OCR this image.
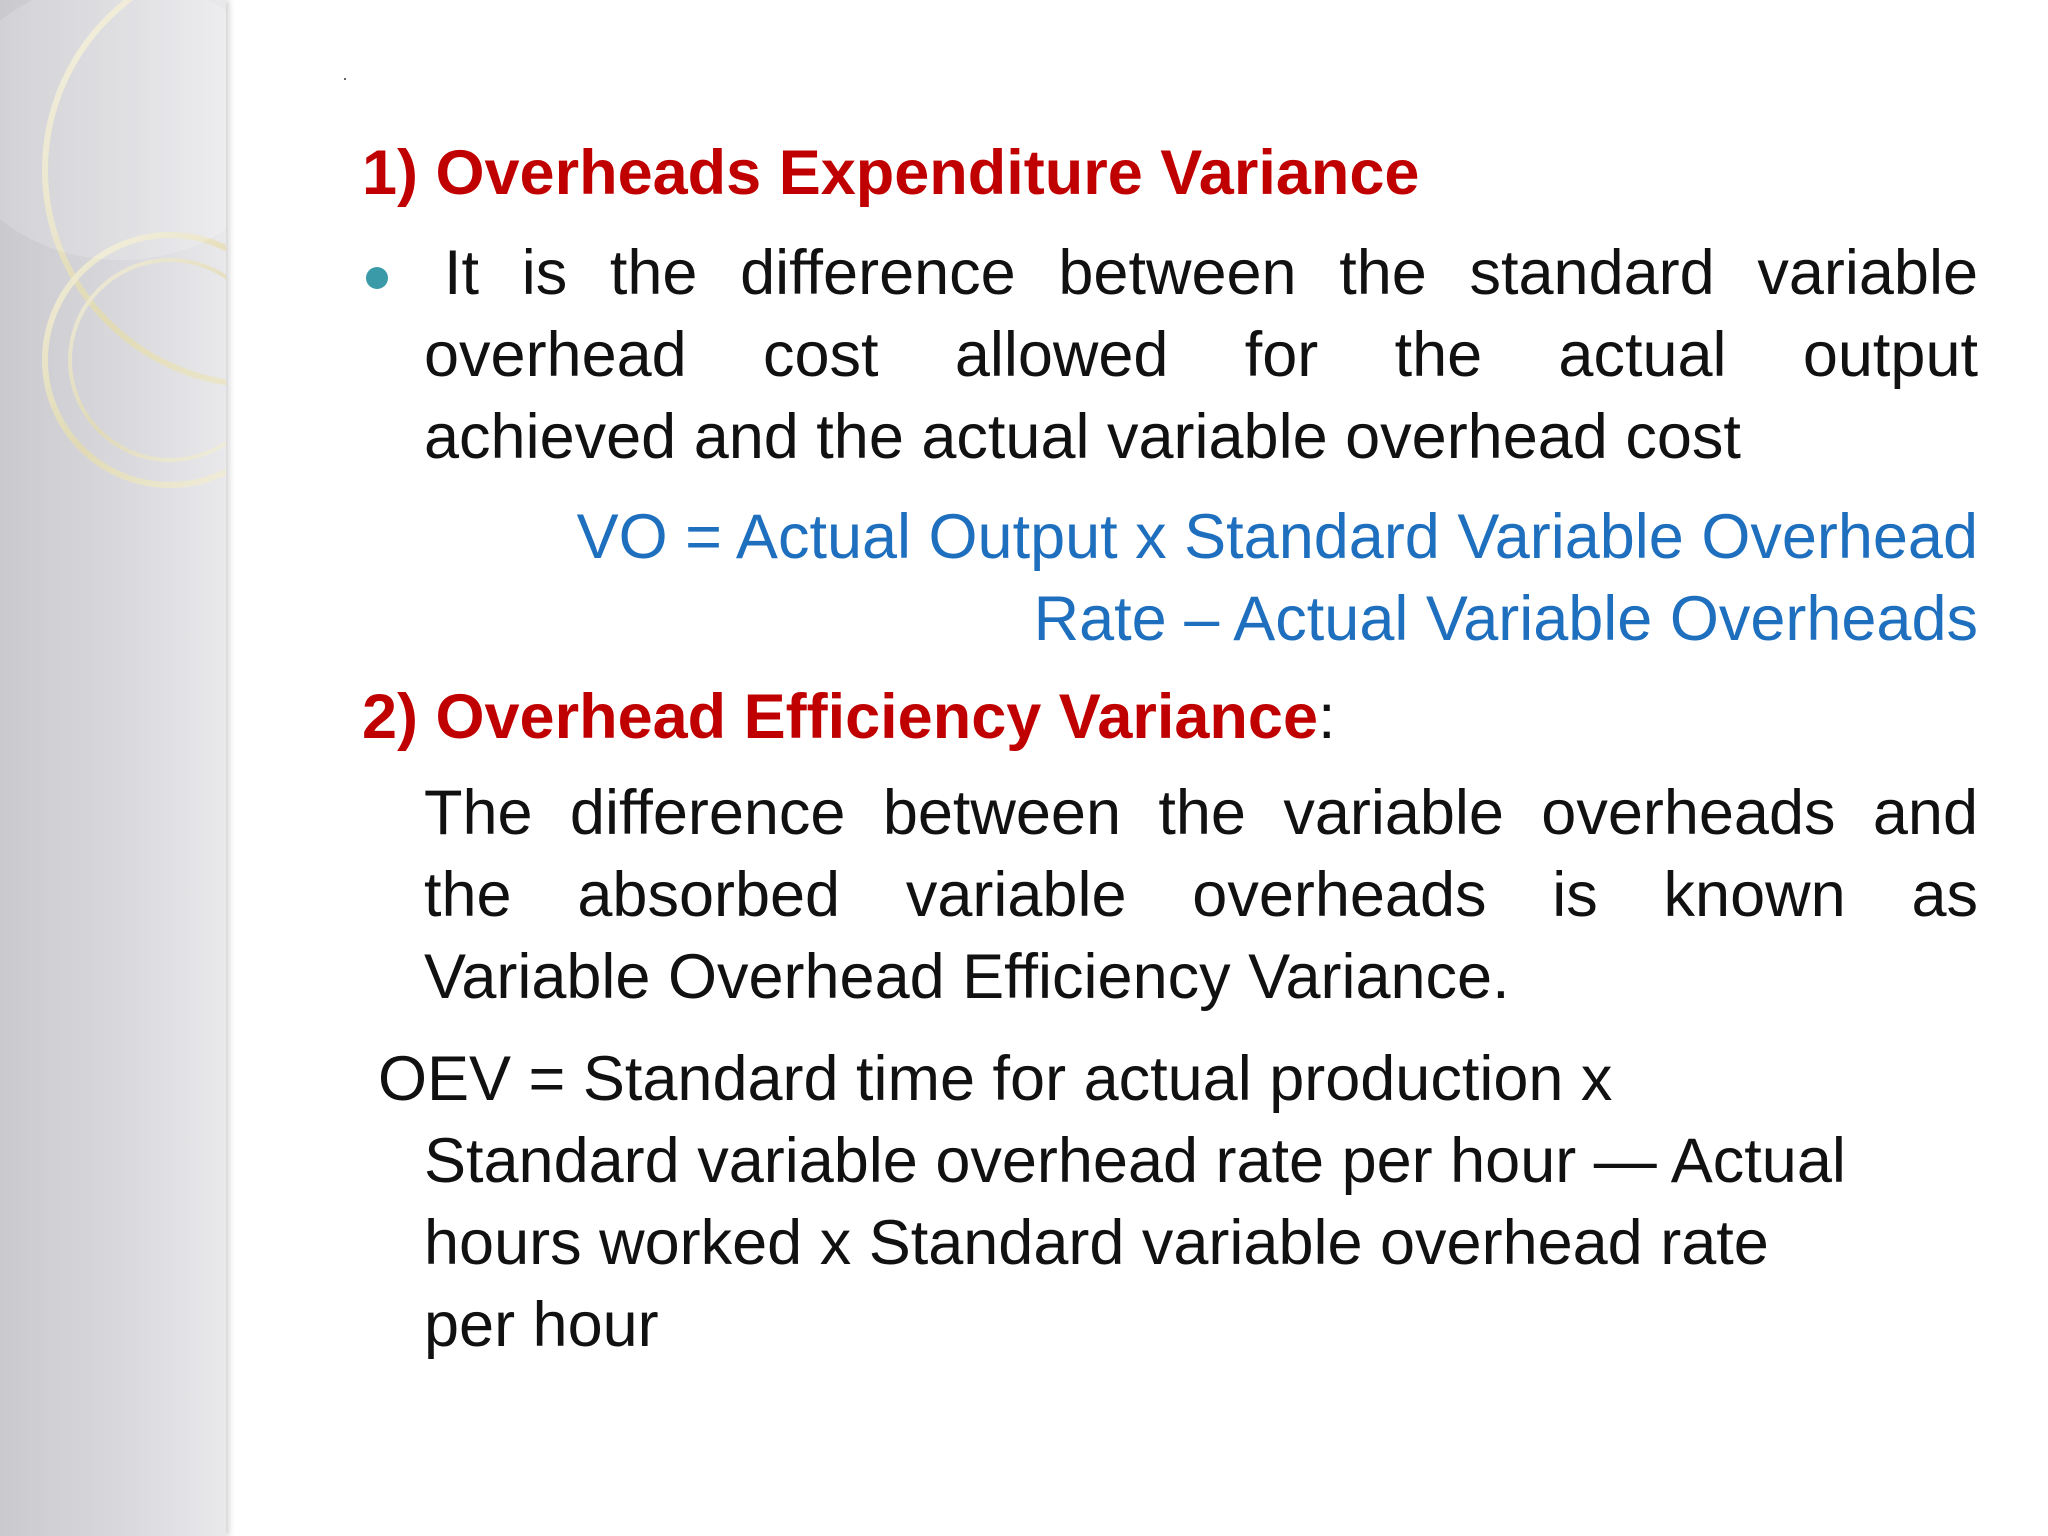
1) Overheads Expenditure Variance
It is the difference between the standard variable
overhead cost allowed for the actual output
achieved and the actual variable overhead cost
VO = Actual Output x Standard Variable Overhead
Rate – Actual Variable Overheads
2) Overhead Efficiency Variance:
The difference between the variable overheads and
the absorbed variable overheads is known as
Variable Overhead Efficiency Variance.
OEV = Standard time for actual production x
Standard variable overhead rate per hour — Actual
hours worked x Standard variable overhead rate
per hour
